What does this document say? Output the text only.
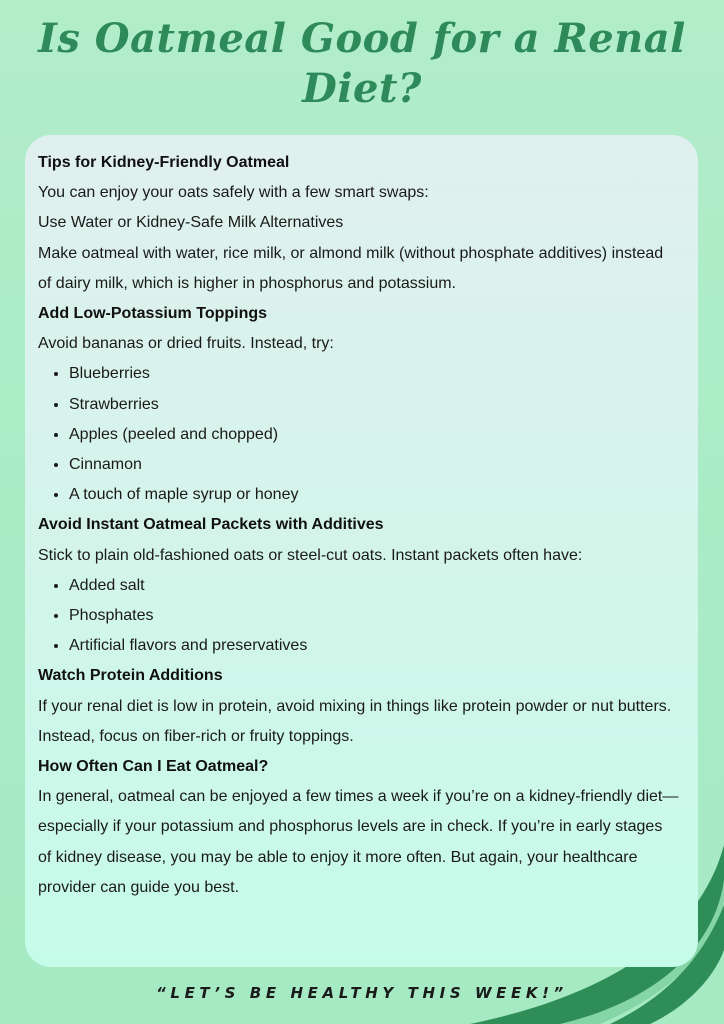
Is Oatmeal Good for a Renal Diet?

Tips for Kidney-Friendly Oatmeal

You can enjoy your oats safely with a few smart swaps:

Use Water or Kidney-Safe Milk Alternatives

Make oatmeal with water, rice milk, or almond milk (without phosphate additives) instead of dairy milk, which is higher in phosphorus and potassium.

Add Low-Potassium Toppings

Avoid bananas or dried fruits. Instead, try:

• Blueberries
• Strawberries
• Apples (peeled and chopped)
• Cinnamon
• A touch of maple syrup or honey

Avoid Instant Oatmeal Packets with Additives

Stick to plain old-fashioned oats or steel-cut oats. Instant packets often have:

• Added salt
• Phosphates
• Artificial flavors and preservatives

Watch Protein Additions

If your renal diet is low in protein, avoid mixing in things like protein powder or nut butters. Instead, focus on fiber-rich or fruity toppings.

How Often Can I Eat Oatmeal?

In general, oatmeal can be enjoyed a few times a week if you’re on a kidney-friendly diet—especially if your potassium and phosphorus levels are in check. If you’re in early stages of kidney disease, you may be able to enjoy it more often. But again, your healthcare provider can guide you best.

“LET’S BE HEALTHY THIS WEEK!”
